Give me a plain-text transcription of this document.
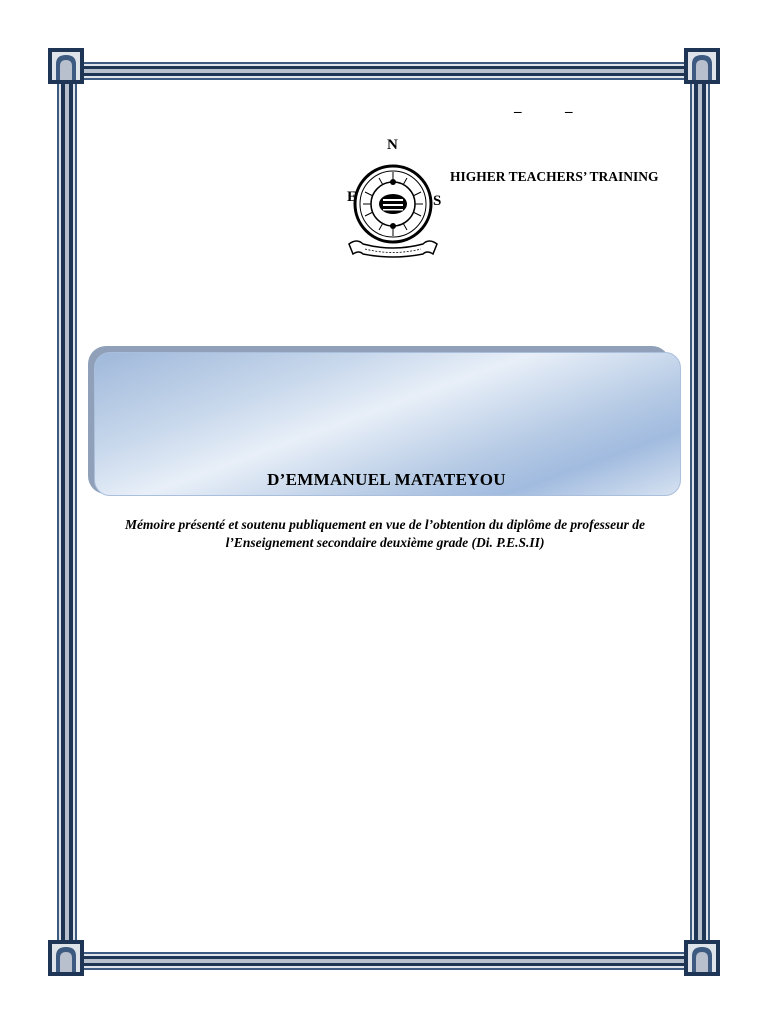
–	–
N
E	S
HIGHER TEACHERS’ TRAINING
D’EMMANUEL MATATEYOU
Mémoire présenté et soutenu publiquement en vue de l’obtention du diplôme de professeur de l’Enseignement secondaire deuxième grade (Di. P.E.S.II)
